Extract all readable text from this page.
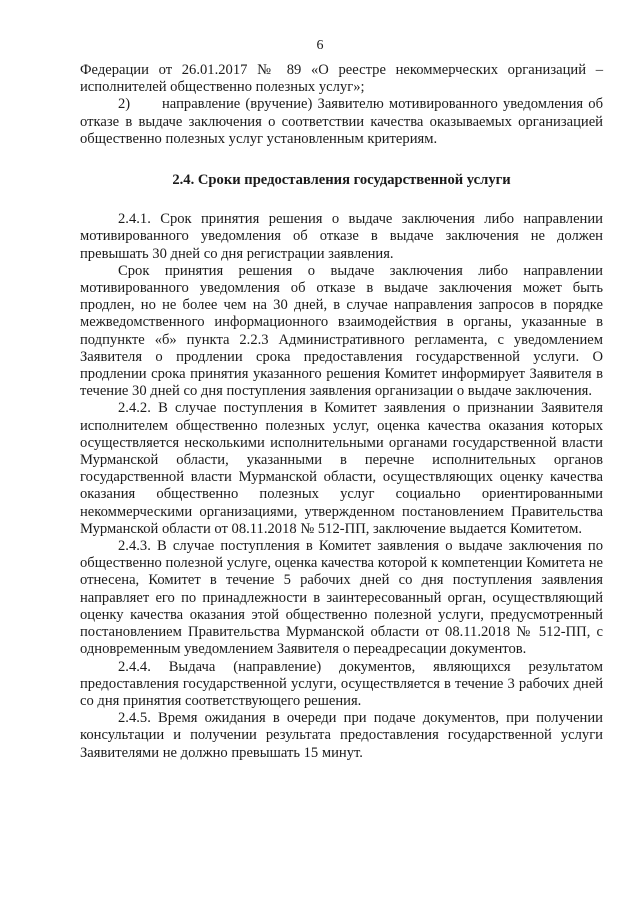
6

Федерации от 26.01.2017 № 89 «О реестре некоммерческих организаций – исполнителей общественно полезных услуг»;

2) направление (вручение) Заявителю мотивированного уведомления об отказе в выдаче заключения о соответствии качества оказываемых организацией общественно полезных услуг установленным критериям.

2.4. Сроки предоставления государственной услуги

2.4.1. Срок принятия решения о выдаче заключения либо направлении мотивированного уведомления об отказе в выдаче заключения не должен превышать 30 дней со дня регистрации заявления.

Срок принятия решения о выдаче заключения либо направлении мотивированного уведомления об отказе в выдаче заключения может быть продлен, но не более чем на 30 дней, в случае направления запросов в порядке межведомственного информационного взаимодействия в органы, указанные в подпункте «б» пункта 2.2.3 Административного регламента, с уведомлением Заявителя о продлении срока предоставления государственной услуги. О продлении срока принятия указанного решения Комитет информирует Заявителя в течение 30 дней со дня поступления заявления организации о выдаче заключения.

2.4.2. В случае поступления в Комитет заявления о признании Заявителя исполнителем общественно полезных услуг, оценка качества оказания которых осуществляется несколькими исполнительными органами государственной власти Мурманской области, указанными в перечне исполнительных органов государственной власти Мурманской области, осуществляющих оценку качества оказания общественно полезных услуг социально ориентированными некоммерческими организациями, утвержденном постановлением Правительства Мурманской области от 08.11.2018 № 512-ПП, заключение выдается Комитетом.

2.4.3. В случае поступления в Комитет заявления о выдаче заключения по общественно полезной услуге, оценка качества которой к компетенции Комитета не отнесена, Комитет в течение 5 рабочих дней со дня поступления заявления направляет его по принадлежности в заинтересованный орган, осуществляющий оценку качества оказания этой общественно полезной услуги, предусмотренный постановлением Правительства Мурманской области от 08.11.2018 № 512-ПП, с одновременным уведомлением Заявителя о переадресации документов.

2.4.4. Выдача (направление) документов, являющихся результатом предоставления государственной услуги, осуществляется в течение 3 рабочих дней со дня принятия соответствующего решения.

2.4.5. Время ожидания в очереди при подаче документов, при получении консультации и получении результата предоставления государственной услуги Заявителями не должно превышать 15 минут.
